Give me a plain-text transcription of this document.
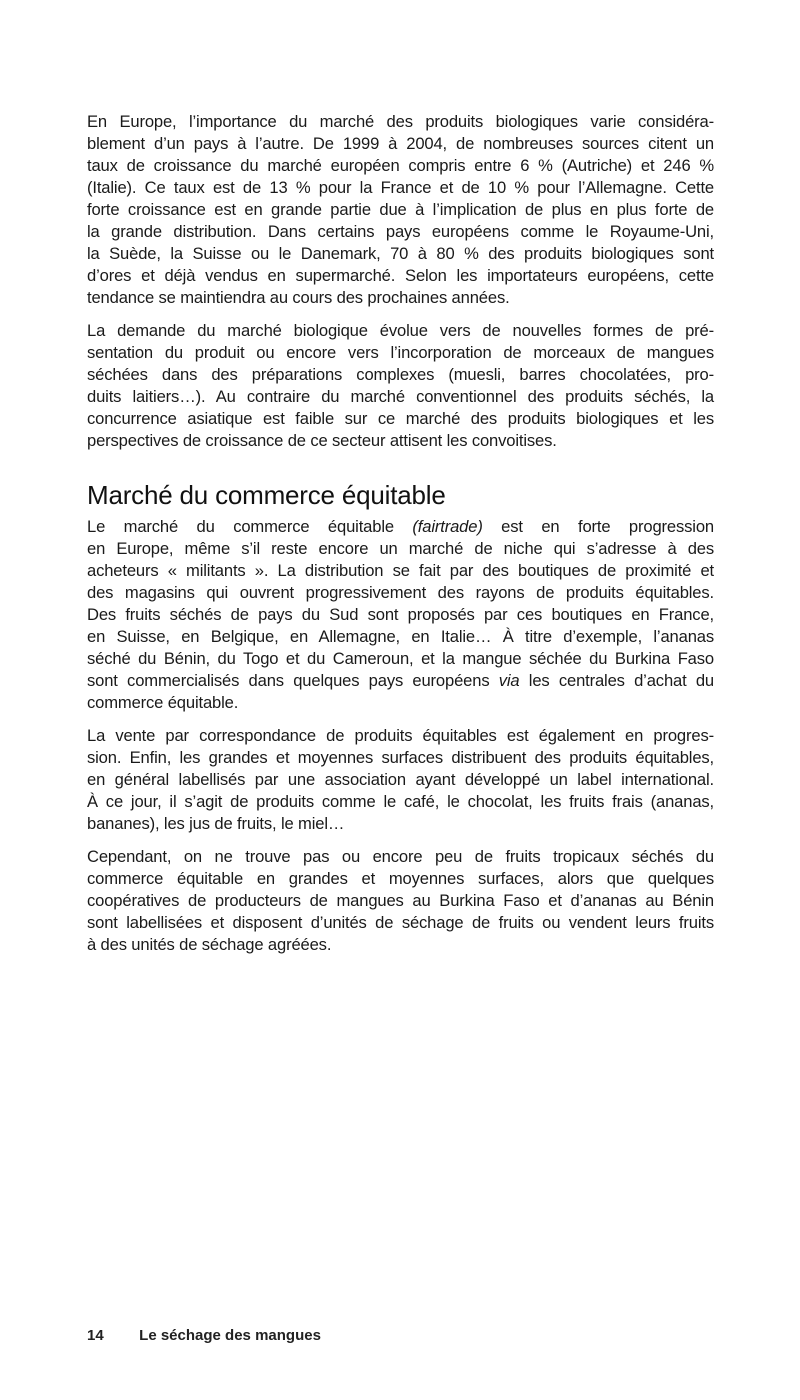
En Europe, l’importance du marché des produits biologiques varie considéra-
blement d’un pays à l’autre. De 1999 à 2004, de nombreuses sources citent un
taux de croissance du marché européen compris entre 6 % (Autriche) et 246 %
(Italie). Ce taux est de 13 % pour la France et de 10 % pour l’Allemagne. Cette
forte croissance est en grande partie due à l’implication de plus en plus forte de
la grande distribution. Dans certains pays européens comme le Royaume-Uni,
la Suède, la Suisse ou le Danemark, 70 à 80 % des produits biologiques sont
d’ores et déjà vendus en supermarché. Selon les importateurs européens, cette
tendance se maintiendra au cours des prochaines années.
La demande du marché biologique évolue vers de nouvelles formes de pré-
sentation du produit ou encore vers l’incorporation de morceaux de mangues
séchées dans des préparations complexes (muesli, barres chocolatées, pro-
duits laitiers…). Au contraire du marché conventionnel des produits séchés, la
concurrence asiatique est faible sur ce marché des produits biologiques et les
perspectives de croissance de ce secteur attisent les convoitises.
Marché du commerce équitable
Le marché du commerce équitable (fairtrade) est en forte progression
en Europe, même s’il reste encore un marché de niche qui s’adresse à des
acheteurs « militants ». La distribution se fait par des boutiques de proximité et
des magasins qui ouvrent progressivement des rayons de produits équitables.
Des fruits séchés de pays du Sud sont proposés par ces boutiques en France,
en Suisse, en Belgique, en Allemagne, en Italie… À titre d’exemple, l’ananas
séché du Bénin, du Togo et du Cameroun, et la mangue séchée du Burkina Faso
sont commercialisés dans quelques pays européens via les centrales d’achat du
commerce équitable.
La vente par correspondance de produits équitables est également en progres-
sion. Enfin, les grandes et moyennes surfaces distribuent des produits équitables,
en général labellisés par une association ayant développé un label international.
À ce jour, il s’agit de produits comme le café, le chocolat, les fruits frais (ananas,
bananes), les jus de fruits, le miel…
Cependant, on ne trouve pas ou encore peu de fruits tropicaux séchés du
commerce équitable en grandes et moyennes surfaces, alors que quelques
coopératives de producteurs de mangues au Burkina Faso et d’ananas au Bénin
sont labellisées et disposent d’unités de séchage de fruits ou vendent leurs fruits
à des unités de séchage agréées.
14 Le séchage des mangues
